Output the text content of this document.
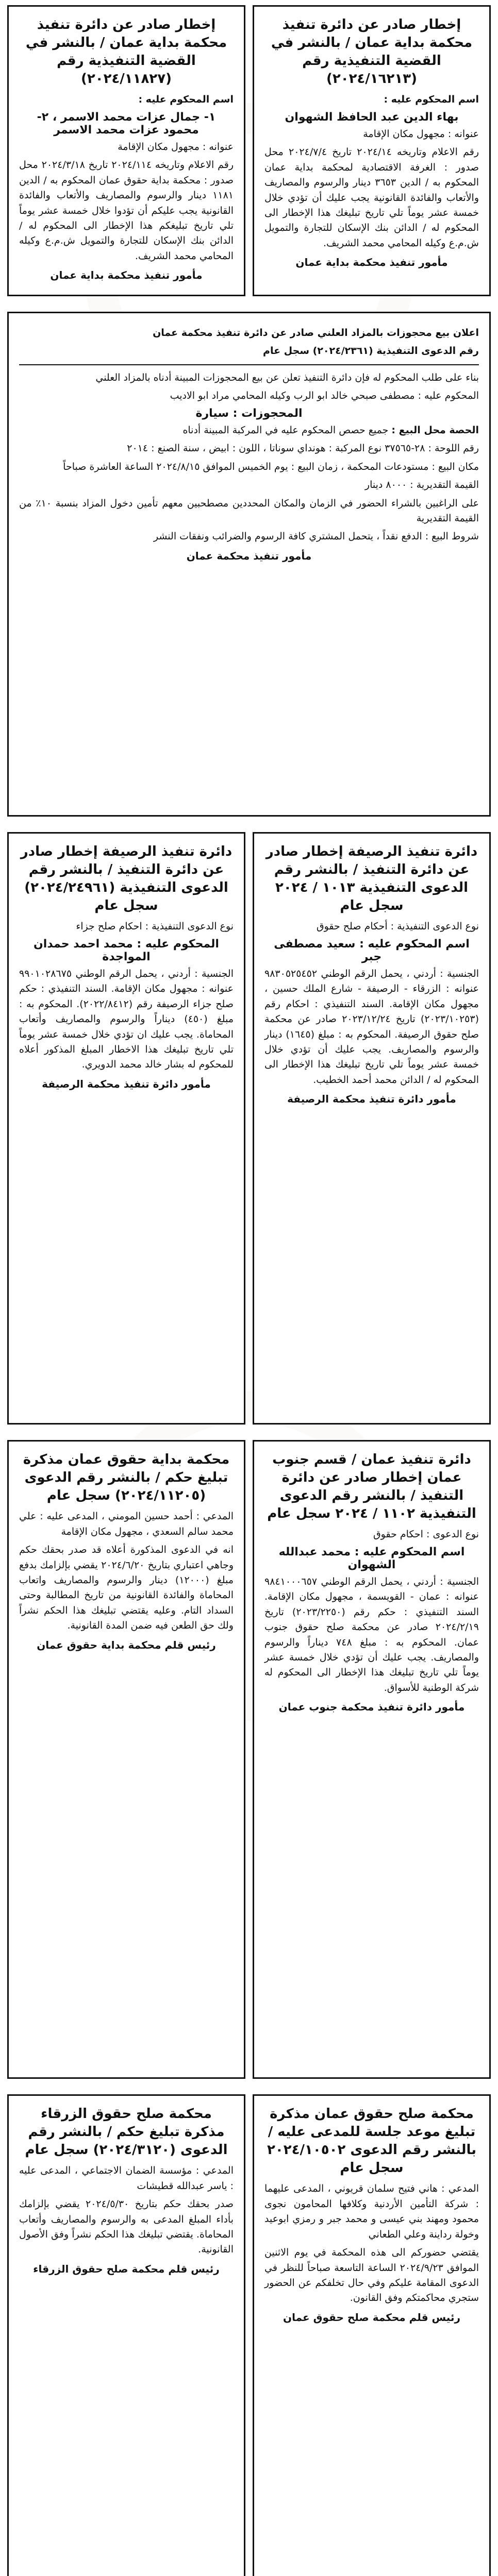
إخطار صادر عن دائرة تنفيذ محكمة بداية عمان / بالنشر في القضية التنفيذية رقم (٢٠٢٤/١٦٢١٣)

اسم المحكوم عليه :

بهاء الدين عبد الحافظ الشهوان

عنوانه : مجهول مكان الإقامة

رقم الاعلام وتاريخه ٢٠٢٤/١٤ تاريخ ٢٠٢٤/٧/٤ محل صدور : الغرفة الاقتصادية لمحكمة بداية عمان المحكوم به / الدين ٣٦٥٣ دينار والرسوم والمصاريف والأتعاب والفائدة القانونية يجب عليك أن تؤدي خلال خمسة عشر يوماً تلي تاريخ تبليغك هذا الإخطار الى المحكوم له / الدائن بنك الإسكان للتجارة والتمويل ش.م.ع وكيله المحامي محمد الشريف.

مأمور تنفيذ محكمة بداية عمان
إخطار صادر عن دائرة تنفيذ محكمة بداية عمان / بالنشر في القضية التنفيذية رقم (٢٠٢٤/١١٨٢٧)

اسم المحكوم عليه :

١- جمال عزات محمد الاسمر ، ٢- محمود عزات محمد الاسمر

عنوانه : مجهول مكان الإقامة

رقم الاعلام وتاريخه ٢٠٢٤/١١٤ تاريخ ٢٠٢٤/٣/١٨ محل صدور : محكمة بداية حقوق عمان المحكوم به / الدين ١١٨١ دينار والرسوم والمصاريف والأتعاب والفائدة القانونية يجب عليكم أن تؤدوا خلال خمسة عشر يوماً تلي تاريخ تبليغكم هذا الإخطار الى المحكوم له / الدائن بنك الإسكان للتجارة والتمويل ش.م.ع وكيله المحامي محمد الشريف.

مأمور تنفيذ محكمة بداية عمان

اعلان بيع محجوزات بالمزاد العلني صادر عن دائرة تنفيذ محكمة عمان

رقم الدعوى التنفيذية (٢٠٢٤/٢٣٦١) سجل عام

بناء على طلب المحكوم له فإن دائرة التنفيذ تعلن عن بيع المحجوزات المبينة أدناه بالمزاد العلني

المحكوم عليه : مصطفى صبحي خالد ابو الرب وكيله المحامي مراد ابو الاديب

المحجوزات : سيارة

الحصة محل البيع : جميع حصص المحكوم عليه في المركبة المبينة أدناه

رقم اللوحة : ٢٨-٣٧٥٦٥ نوع المركبة : هونداي سوناتا ، اللون : ابيض ، سنة الصنع : ٢٠١٤

مكان البيع : مستودعات المحكمة ، زمان البيع : يوم الخميس الموافق ٢٠٢٤/٨/١٥ الساعة العاشرة صباحاً

القيمة التقديرية : ٨٠٠٠ دينار

على الراغبين بالشراء الحضور في الزمان والمكان المحددين مصطحبين معهم تأمين دخول المزاد بنسبة ١٠٪ من القيمة التقديرية

شروط البيع : الدفع نقداً ، يتحمل المشتري كافة الرسوم والضرائب ونفقات النشر

مأمور تنفيذ محكمة عمان
دائرة تنفيذ الرصيفة إخطار صادر عن دائرة التنفيذ / بالنشر رقم الدعوى التنفيذية ١٠١٣ / ٢٠٢٤ سجل عام

نوع الدعوى التنفيذية : أحكام صلح حقوق

اسم المحكوم عليه : سعيد مصطفى جبر

الجنسية : أردني ، يحمل الرقم الوطني ٩٨٣٠٥٢٥٤٥٢ عنوانه : الزرقاء - الرصيفة - شارع الملك حسين ، مجهول مكان الإقامة. السند التنفيذي : احكام رقم (٢٠٢٣/١٠٢٥٣) تاريخ ٢٠٢٣/١٢/٢٤ صادر عن محكمة صلح حقوق الرصيفة. المحكوم به : مبلغ (١٦٤٥) دينار والرسوم والمصاريف. يجب عليك أن تؤدي خلال خمسة عشر يوماً تلي تاريخ تبليغك هذا الإخطار الى المحكوم له / الدائن محمد أحمد الخطيب.

مأمور دائرة تنفيذ محكمة الرصيفة
دائرة تنفيذ الرصيفة إخطار صادر عن دائرة التنفيذ / بالنشر رقم الدعوى التنفيذية (٢٠٢٤/٢٤٩٦١) سجل عام

نوع الدعوى التنفيذية : احكام صلح جزاء

المحكوم عليه : محمد احمد حمدان المواجدة

الجنسية : أردني ، يحمل الرقم الوطني ٩٩٠١٠٢٨٦٧٥ عنوانه : مجهول مكان الإقامة. السند التنفيذي : حكم صلح جزاء الرصيفة رقم (٢٠٢٢/٨٤١٢). المحكوم به : مبلغ (٤٥٠) ديناراً والرسوم والمصاريف وأتعاب المحاماة. يجب عليك ان تؤدي خلال خمسة عشر يوماً تلي تاريخ تبليغك هذا الاخطار المبلغ المذكور أعلاه للمحكوم له بشار خالد محمد الدويري.

مأمور دائرة تنفيذ محكمة الرصيفة
دائرة تنفيذ عمان / قسم جنوب عمان إخطار صادر عن دائرة التنفيذ / بالنشر رقم الدعوى التنفيذية ١١٠٢ / ٢٠٢٤ سجل عام

نوع الدعوى : احكام حقوق

اسم المحكوم عليه : محمد عبدالله الشهوان

الجنسية : أردني ، يحمل الرقم الوطني ٩٨٤١٠٠٠٦٥٧ عنوانه : عمان - القويسمة ، مجهول مكان الإقامة. السند التنفيذي : حكم رقم (٢٠٢٣/٢٢٥٠) تاريخ ٢٠٢٤/٢/١٩ صادر عن محكمة صلح حقوق جنوب عمان. المحكوم به : مبلغ ٧٤٨ ديناراً والرسوم والمصاريف. يجب عليك أن تؤدي خلال خمسة عشر يوماً تلي تاريخ تبليغك هذا الإخطار الى المحكوم له شركة الوطنية للأسواق.

مأمور دائرة تنفيذ محكمة جنوب عمان
محكمة بداية حقوق عمان مذكرة تبليغ حكم / بالنشر رقم الدعوى (٢٠٢٤/١١٢٠٥) سجل عام

المدعي : أحمد حسين المومني ، المدعى عليه : علي محمد سالم السعدي ، مجهول مكان الإقامة

انه في الدعوى المذكورة أعلاه قد صدر بحقك حكم وجاهي اعتباري بتاريخ ٢٠٢٤/٦/٢٠ يقضي بإلزامك بدفع مبلغ (١٢٠٠٠) دينار والرسوم والمصاريف واتعاب المحاماة والفائدة القانونية من تاريخ المطالبة وحتى السداد التام. وعليه يقتضي تبليغك هذا الحكم نشراً ولك حق الطعن فيه ضمن المدة القانونية.

رئيس قلم محكمة بداية حقوق عمان
محكمة صلح حقوق عمان مذكرة تبليغ موعد جلسة للمدعى عليه / بالنشر رقم الدعوى ٢٠٢٤/١٠٥٠٢ سجل عام

المدعي : هاني فتيح سلمان قريوني ، المدعى عليهما : شركة التأمين الأردنية وكلافها المحامون نجوى محمود ومهند بني عيسى و محمد جبر و رمزي ابوعيد وخولة رداينة وعلي الطعاني

يقتضي حضوركم الى هذه المحكمة في يوم الاثنين الموافق ٢٠٢٤/٩/٢٣ الساعة التاسعة صباحاً للنظر في الدعوى المقامة عليكم وفي حال تخلفكم عن الحضور ستجري محاكمتكم وفق القانون.

رئيس قلم محكمة صلح حقوق عمان
محكمة صلح حقوق الزرقاء مذكرة تبليغ حكم / بالنشر رقم الدعوى (٢٠٢٤/٣١٢٠) سجل عام

المدعي : مؤسسة الضمان الاجتماعي ، المدعى عليه : ياسر عبدالله قطيشات

صدر بحقك حكم بتاريخ ٢٠٢٤/٥/٣٠ يقضي بإلزامك بأداء المبلغ المدعى به والرسوم والمصاريف وأتعاب المحاماة. يقتضي تبليغك هذا الحكم نشراً وفق الأصول القانونية.

رئيس قلم محكمة صلح حقوق الزرقاء
